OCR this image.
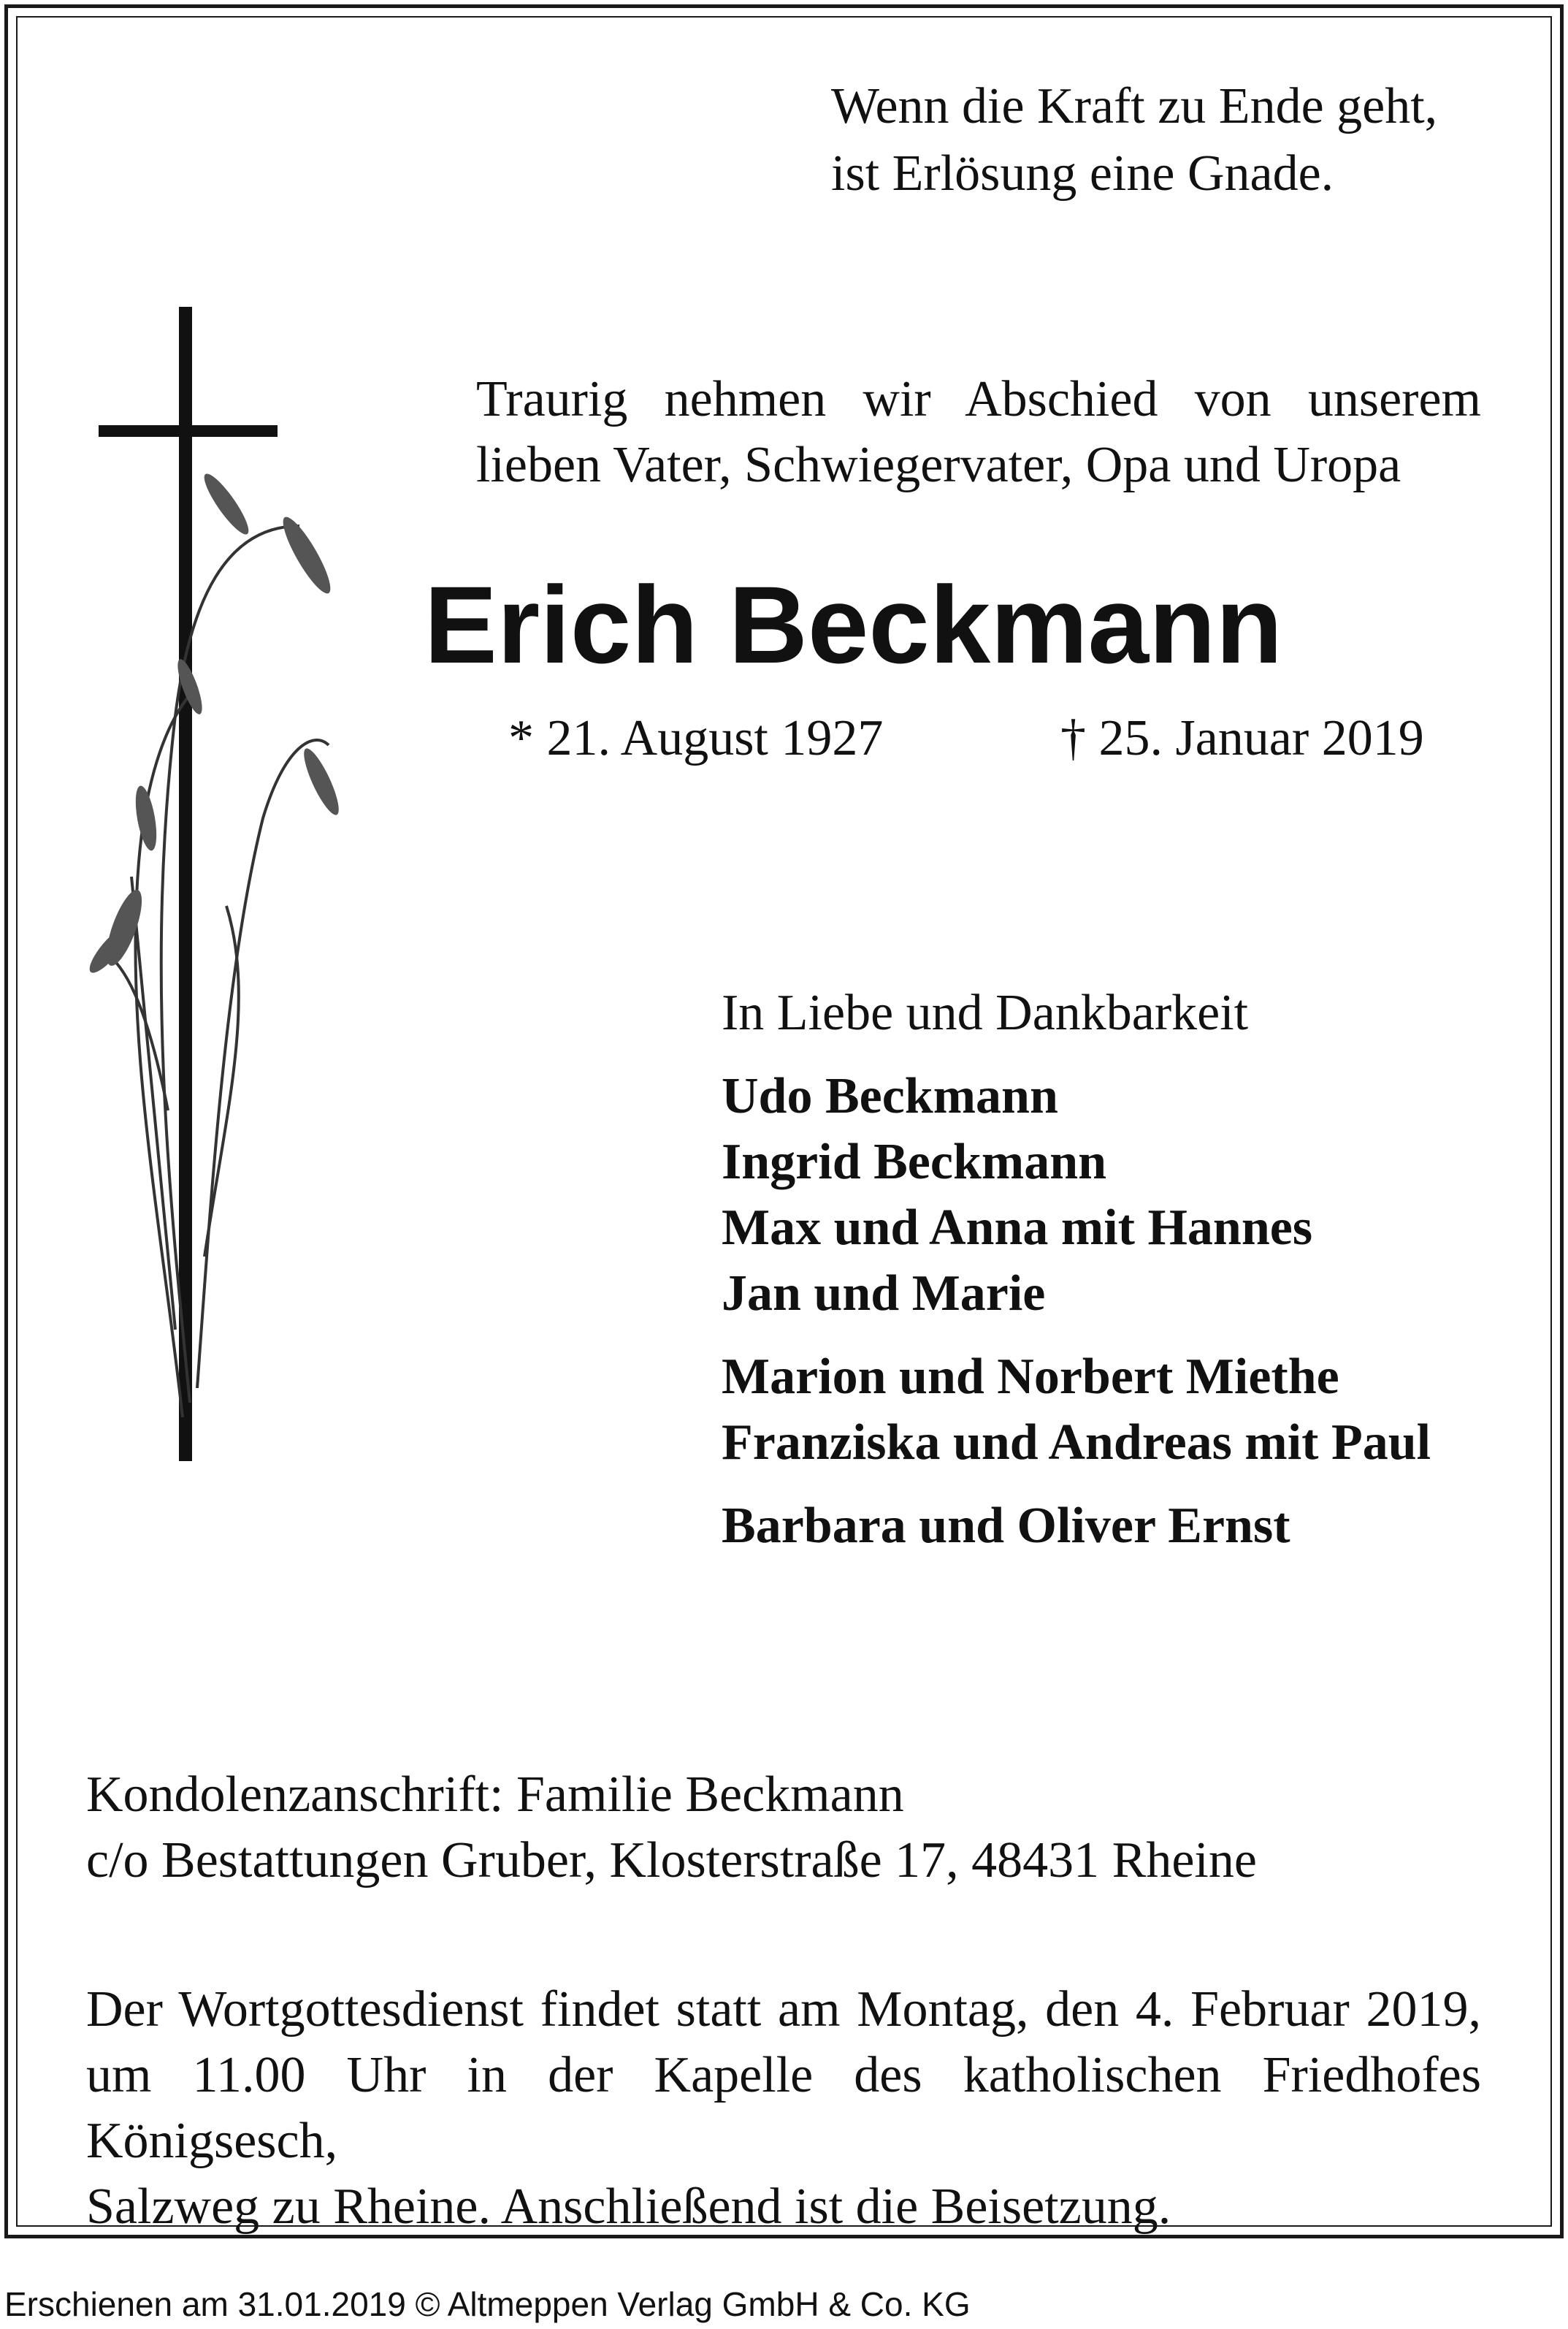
Wenn die Kraft zu Ende geht,
ist Erlösung eine Gnade.
Traurig nehmen wir Abschied von unserem
lieben Vater, Schwiegervater, Opa und Uropa
Erich Beckmann
* 21. August 1927	† 25. Januar 2019
In Liebe und Dankbarkeit
Udo Beckmann
Ingrid Beckmann
Max und Anna mit Hannes
Jan und Marie
Marion und Norbert Miethe
Franziska und Andreas mit Paul
Barbara und Oliver Ernst
Kondolenzanschrift: Familie Beckmann
c/o Bestattungen Gruber, Klosterstraße 17, 48431 Rheine
Der Wortgottesdienst findet statt am Montag, den 4. Februar 2019,
um 11.00 Uhr in der Kapelle des katholischen Friedhofes Königsesch,
Salzweg zu Rheine. Anschließend ist die Beisetzung.
Erschienen am 31.01.2019 © Altmeppen Verlag GmbH & Co. KG
